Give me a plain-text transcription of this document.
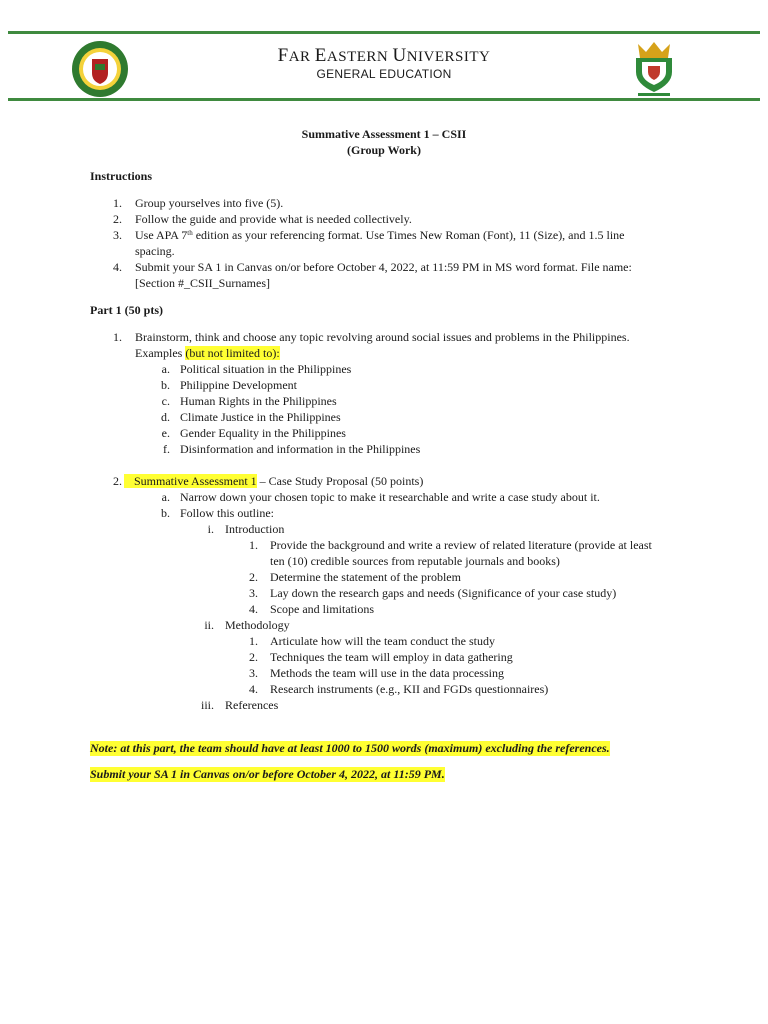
FAR EASTERN UNIVERSITY
GENERAL EDUCATION
Summative Assessment 1 – CSII
(Group Work)
Instructions
1. Group yourselves into five (5).
2. Follow the guide and provide what is needed collectively.
3. Use APA 7th edition as your referencing format. Use Times New Roman (Font), 11 (Size), and 1.5 line
spacing.
4. Submit your SA 1 in Canvas on/or before October 4, 2022, at 11:59 PM in MS word format. File name:
[Section #_CSII_Surnames]
Part 1 (50 pts)
1. Brainstorm, think and choose any topic revolving around social issues and problems in the Philippines.
Examples (but not limited to):
a. Political situation in the Philippines
b. Philippine Development
c. Human Rights in the Philippines
d. Climate Justice in the Philippines
e. Gender Equality in the Philippines
f. Disinformation and information in the Philippines
2.	Summative Assessment 1 – Case Study Proposal (50 points)
a. Narrow down your chosen topic to make it researchable and write a case study about it.
b. Follow this outline:
i. Introduction
1. Provide the background and write a review of related literature (provide at least
ten (10) credible sources from reputable journals and books)
2. Determine the statement of the problem
3. Lay down the research gaps and needs (Significance of your case study)
4. Scope and limitations
ii. Methodology
1. Articulate how will the team conduct the study
2. Techniques the team will employ in data gathering
3. Methods the team will use in the data processing
4. Research instruments (e.g., KII and FGDs questionnaires)
iii. References
Note: at this part, the team should have at least 1000 to 1500 words (maximum) excluding the references.
Submit your SA 1 in Canvas on/or before October 4, 2022, at 11:59 PM.
